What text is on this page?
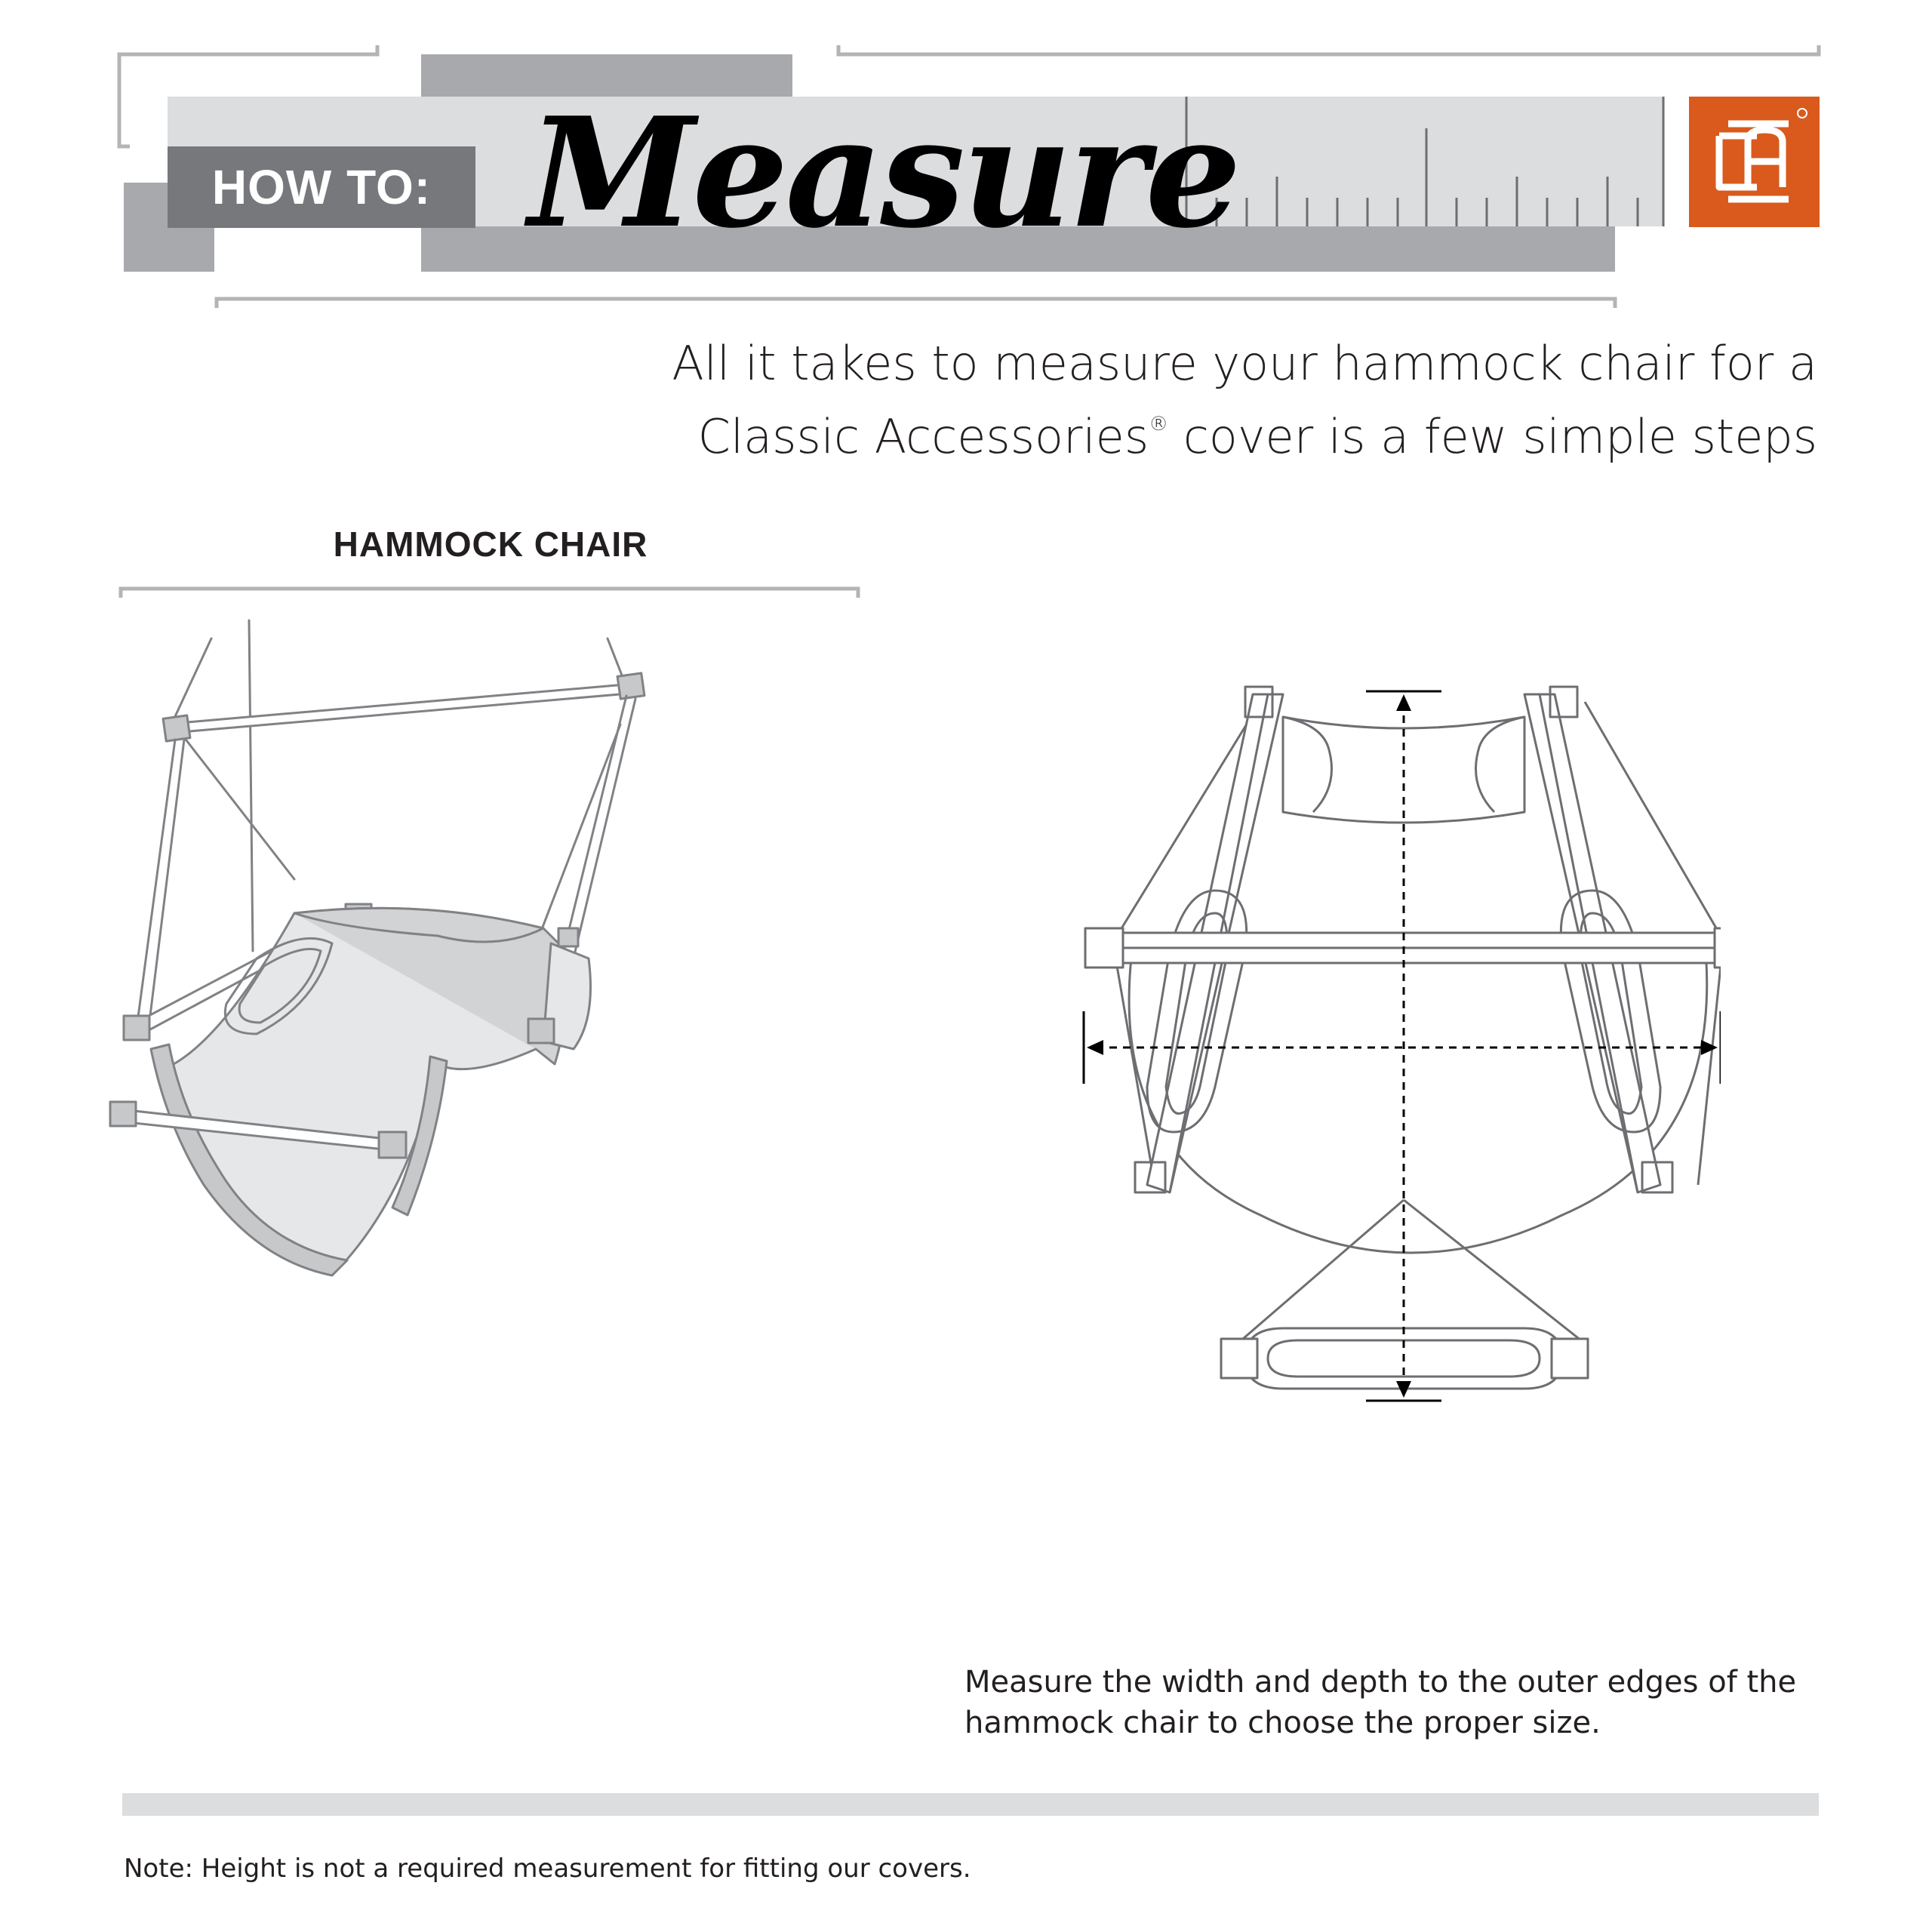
HOW TO: Measure
All it takes to measure your hammock chair for a
Classic Accessories® cover is a few simple steps
HAMMOCK CHAIR
Measure the width and depth to the outer edges of the hammock chair to choose the proper size.
Note: Height is not a required measurement for fitting our covers.
